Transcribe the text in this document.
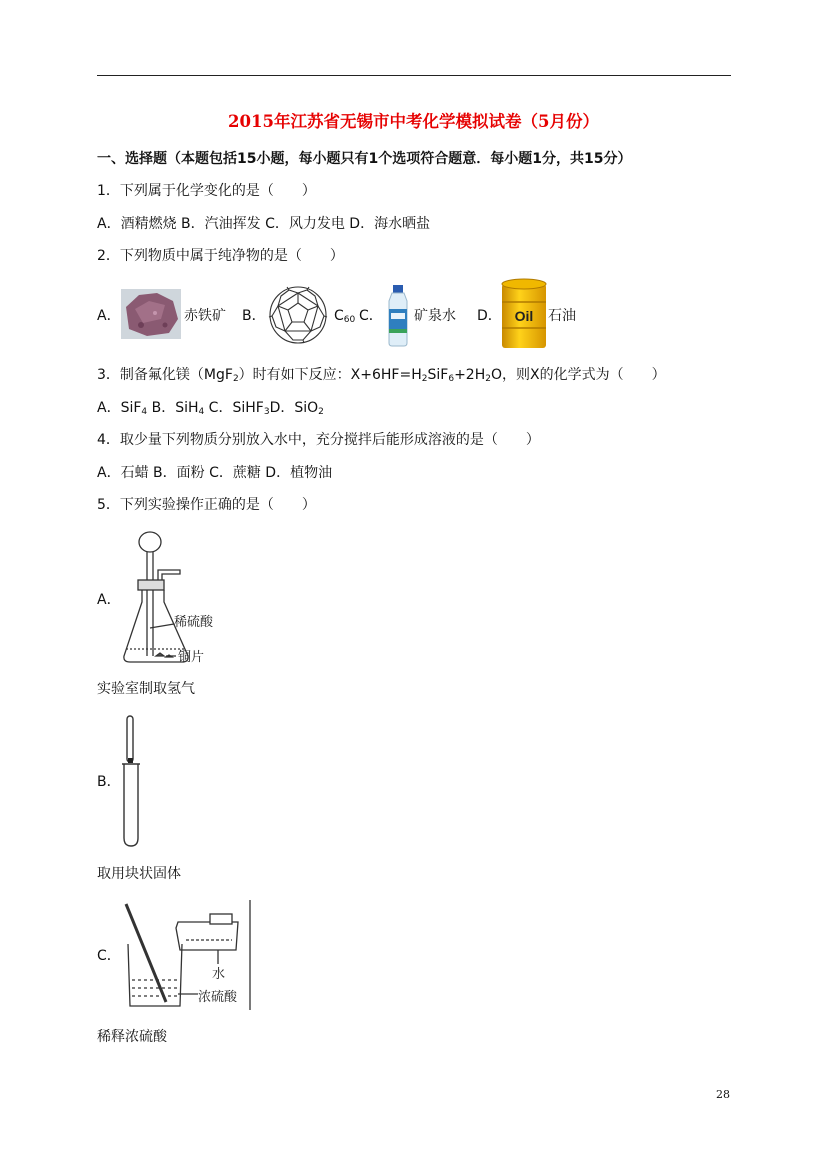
2015年江苏省无锡市中考化学模拟试卷（5月份）
一、选择题（本题包括15小题，每小题只有1个选项符合题意．每小题1分，共15分）
1．下列属于化学变化的是（　　）
A．酒精燃烧 B．汽油挥发 C．风力发电 D．海水晒盐
2．下列物质中属于纯净物的是（　　）
A．	赤铁矿 B．	$C_{60}$ C． 矿泉水 D． Oil 石油
3．制备氟化镁（MgF$_2$）时有如下反应：$X+6HF=H_2SiF_6+2H_2O$，则X的化学式为（　　）
A．SiF$_4$ B．SiH$_4$ C．SiHF$_3$D．SiO$_2$
4．取少量下列物质分别放入水中，充分搅拌后能形成溶液的是（　　）
A．石蜡 B．面粉 C．蔗糖 D．植物油
5．下列实验操作正确的是（　　）
A．
稀硫酸
铜片
实验室制取氢气
B．
取用块状固体
C．
水
浓硫酸
稀释浓硫酸
28
